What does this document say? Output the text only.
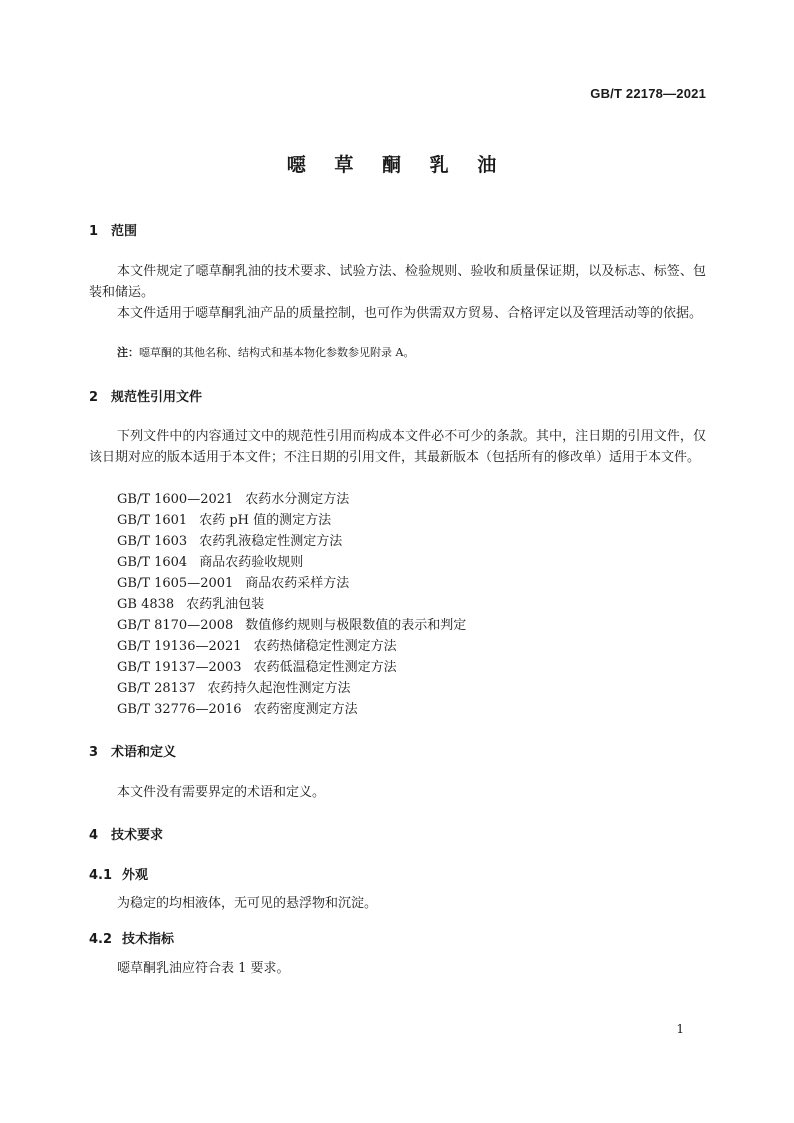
GB/T 22178—2021
噁 草 酮 乳 油
1 范围
本文件规定了噁草酮乳油的技术要求、试验方法、检验规则、验收和质量保证期，以及标志、标签、包装和储运。
本文件适用于噁草酮乳油产品的质量控制，也可作为供需双方贸易、合格评定以及管理活动等的依据。
注：噁草酮的其他名称、结构式和基本物化参数参见附录 A。
2 规范性引用文件
下列文件中的内容通过文中的规范性引用而构成本文件必不可少的条款。其中，注日期的引用文件，仅该日期对应的版本适用于本文件；不注日期的引用文件，其最新版本（包括所有的修改单）适用于本文件。
GB/T 1600—2021 农药水分测定方法
GB/T 1601 农药 pH 值的测定方法
GB/T 1603 农药乳液稳定性测定方法
GB/T 1604 商品农药验收规则
GB/T 1605—2001 商品农药采样方法
GB 4838 农药乳油包装
GB/T 8170—2008 数值修约规则与极限数值的表示和判定
GB/T 19136—2021 农药热储稳定性测定方法
GB/T 19137—2003 农药低温稳定性测定方法
GB/T 28137 农药持久起泡性测定方法
GB/T 32776—2016 农药密度测定方法
3 术语和定义
本文件没有需要界定的术语和定义。
4 技术要求
4.1 外观
为稳定的均相液体，无可见的悬浮物和沉淀。
4.2 技术指标
噁草酮乳油应符合表 1 要求。
1
